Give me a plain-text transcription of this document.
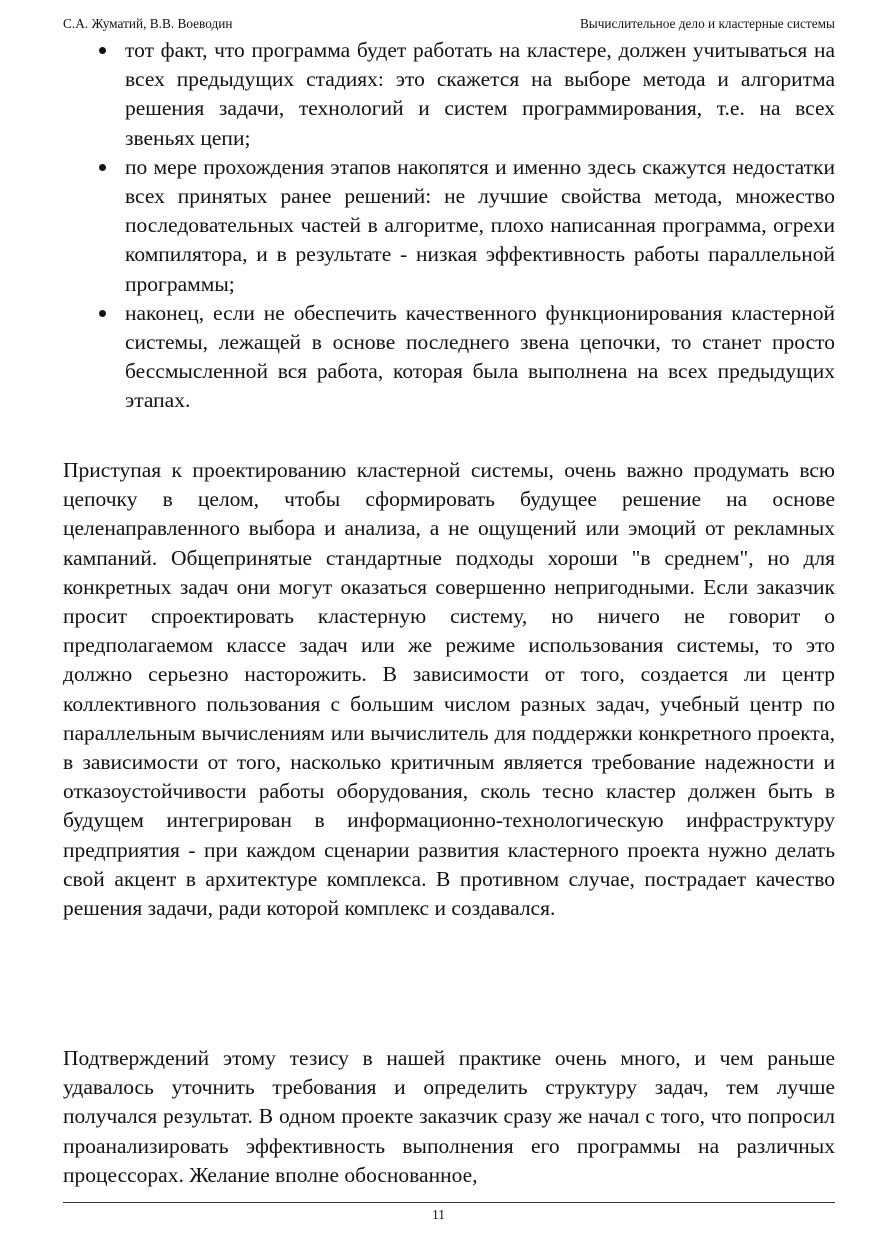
С.А. Жуматий, В.В. Воеводин	Вычислительное дело и кластерные системы
тот факт, что программа будет работать на кластере, должен учитываться на всех предыдущих стадиях: это скажется на выборе метода и алгоритма решения задачи, технологий и систем программирования, т.е. на всех звеньях цепи;
по мере прохождения этапов накопятся и именно здесь скажутся недостатки всех принятых ранее решений: не лучшие свойства метода, множество последовательных частей в алгоритме, плохо написанная программа, огрехи компилятора, и в результате - низкая эффективность работы параллельной программы;
наконец, если не обеспечить качественного функционирования кластерной системы, лежащей в основе последнего звена цепочки, то станет просто бессмысленной вся работа, которая была выполнена на всех предыдущих этапах.

Приступая к проектированию кластерной системы, очень важно продумать всю цепочку в целом, чтобы сформировать будущее решение на основе целенаправленного выбора и анализа, а не ощущений или эмоций от рекламных кампаний. Общепринятые стандартные подходы хороши "в среднем", но для конкретных задач они могут оказаться совершенно непригодными. Если заказчик просит спроектировать кластерную систему, но ничего не говорит о предполагаемом классе задач или же режиме использования системы, то это должно серьезно насторожить. В зависимости от того, создается ли центр коллективного пользования с большим числом разных задач, учебный центр по параллельным вычислениям или вычислитель для поддержки конкретного проекта, в зависимости от того, насколько критичным является требование надежности и отказоустойчивости работы оборудования, сколь тесно кластер должен быть в будущем интегрирован в информационно-технологическую инфраструктуру предприятия - при каждом сценарии развития кластерного проекта нужно делать свой акцент в архитектуре комплекса. В противном случае, пострадает качество решения задачи, ради которой комплекс и создавался.

Подтверждений этому тезису в нашей практике очень много, и чем раньше удавалось уточнить требования и определить структуру задач, тем лучше получался результат. В одном проекте заказчик сразу же начал с того, что попросил проанализировать эффективность выполнения его программы на различных процессорах. Желание вполне обоснованное,

11
